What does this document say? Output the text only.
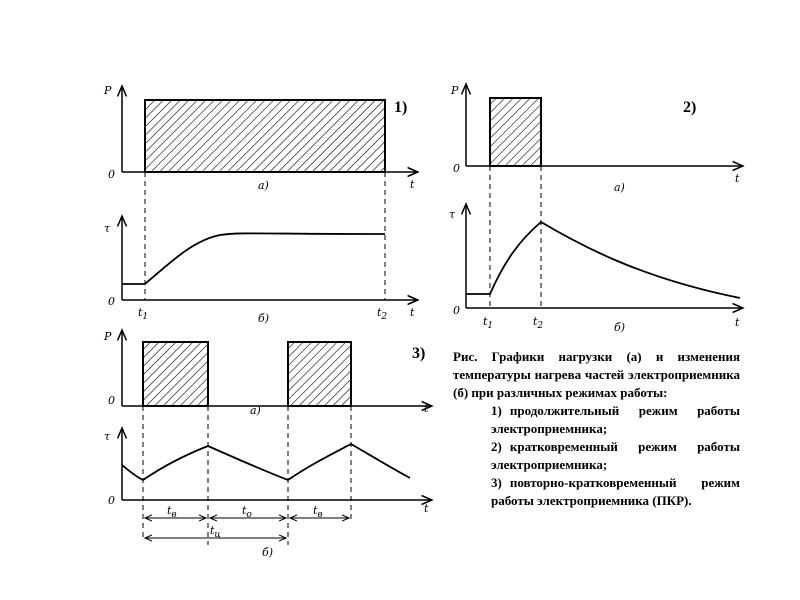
P
0
t
a)
1)
τ
0
t
$t_1$	$t_2$
б)
P
0
t
a)
2)
τ
0
t
$t_1$	$t_2$	б)
P
0
t
a)
3)
τ
0
t
$t_в$	$t_о$	$t_в$
$t_ц$
б)

Рис. Графики нагрузки (а) и изменения температуры нагрева частей электроприемника (б) при различных режимах работы:

1) продолжительный режим работы электроприемника;

2) кратковременный режим работы электроприемника;

3) повторно-кратковременный режим работы электроприемника (ПКР).
